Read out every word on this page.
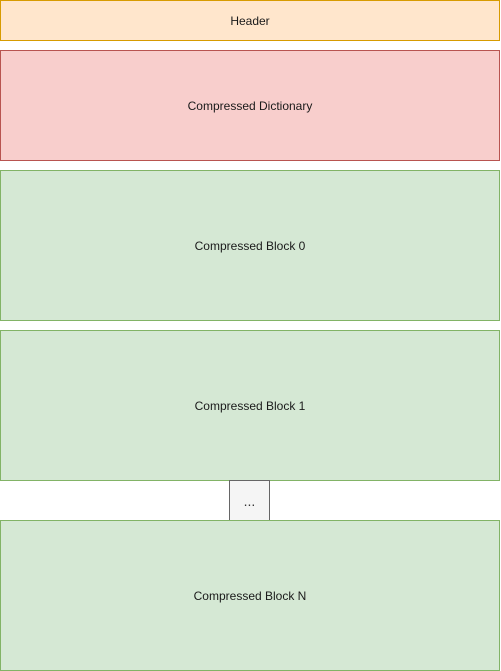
Header
Compressed Dictionary
Compressed Block 0
Compressed Block 1
...
Compressed Block N
